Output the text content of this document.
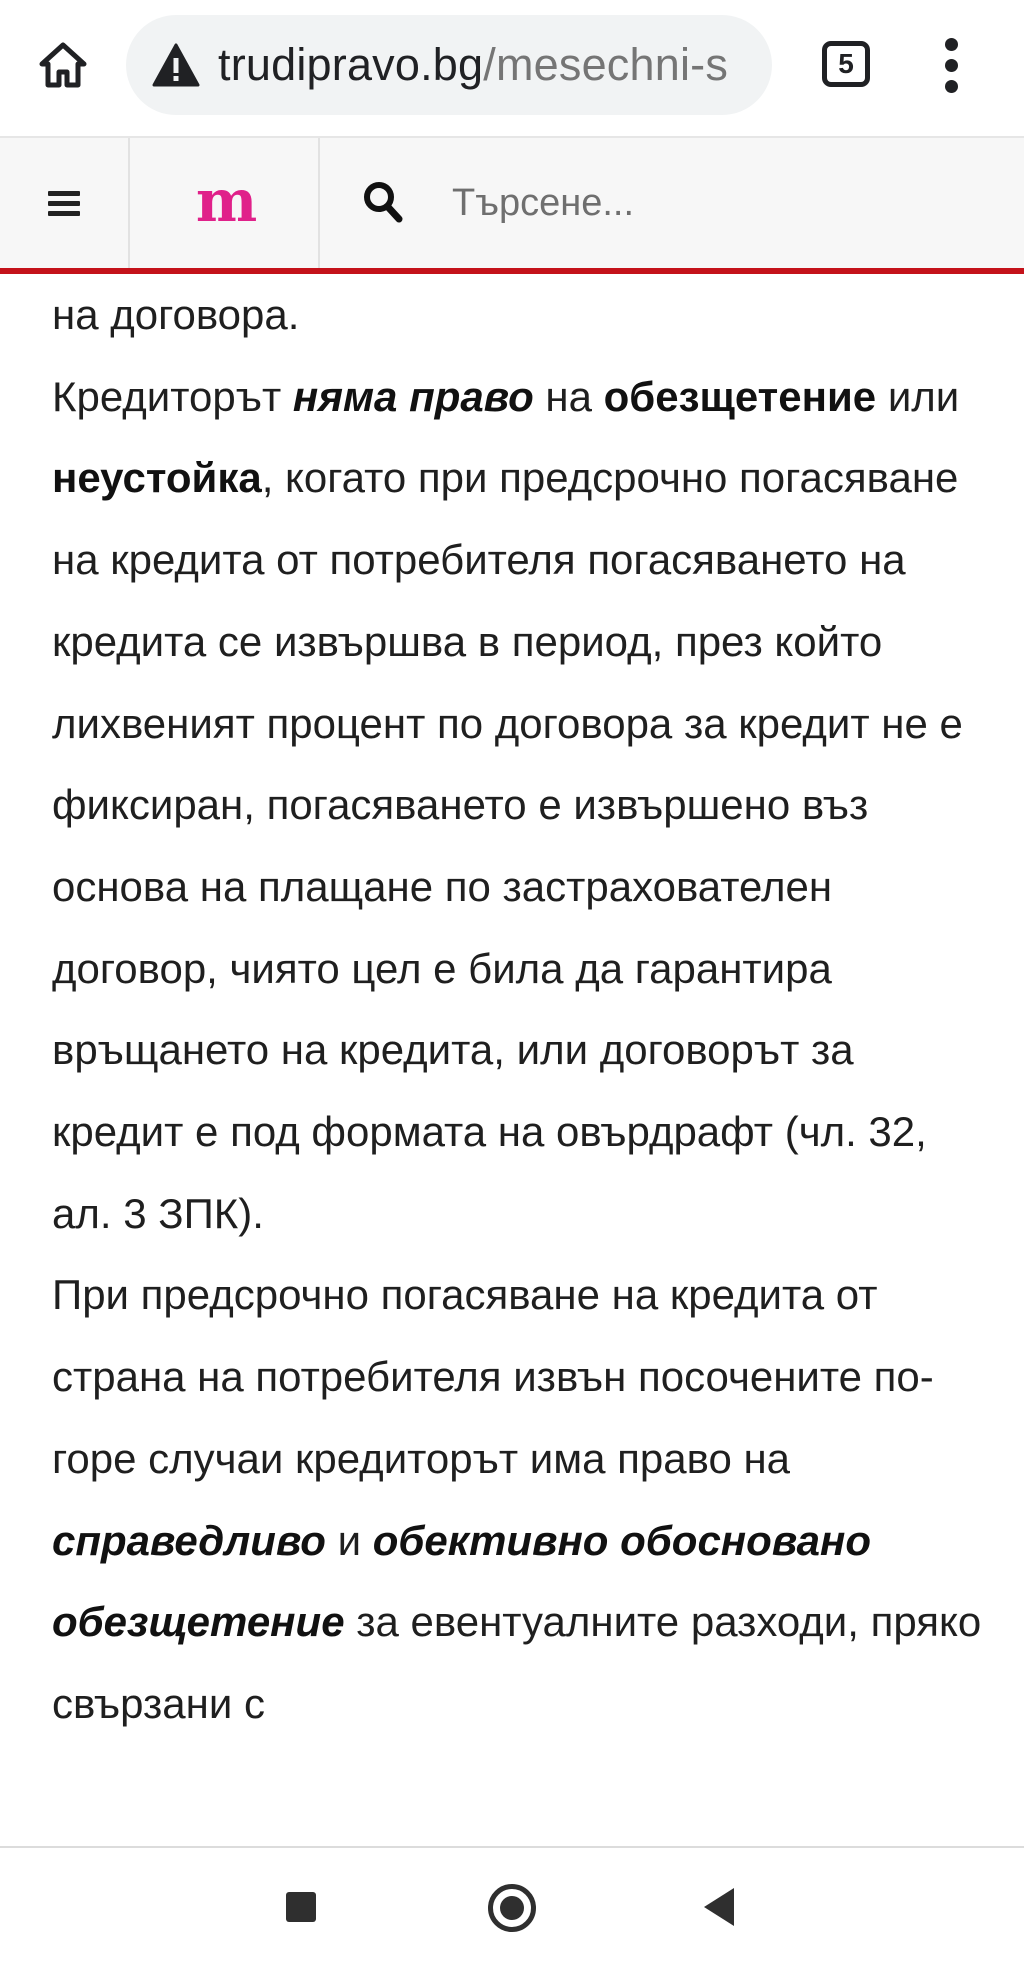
trudipravo.bg/mesechni-s	5
m
Търсене...

на договора.

Кредиторът няма право на обезщетение или неустойка, когато при предсрочно погасяване на кредита от потребителя погасяването на кредита се извършва в период, през който лихвеният процент по договора за кредит не е фиксиран, погасяването е извършено въз основа на плащане по застрахователен договор, чиято цел е била да гарантира връщането на кредита, или договорът за кредит е под формата на овърдрафт (чл. 32, ал. 3 ЗПК).

При предсрочно погасяване на кредита от страна на потребителя извън посочените по-горе случаи кредиторът има право на справедливо и обективно обосновано обезщетение за евентуалните разходи, пряко свързани с
